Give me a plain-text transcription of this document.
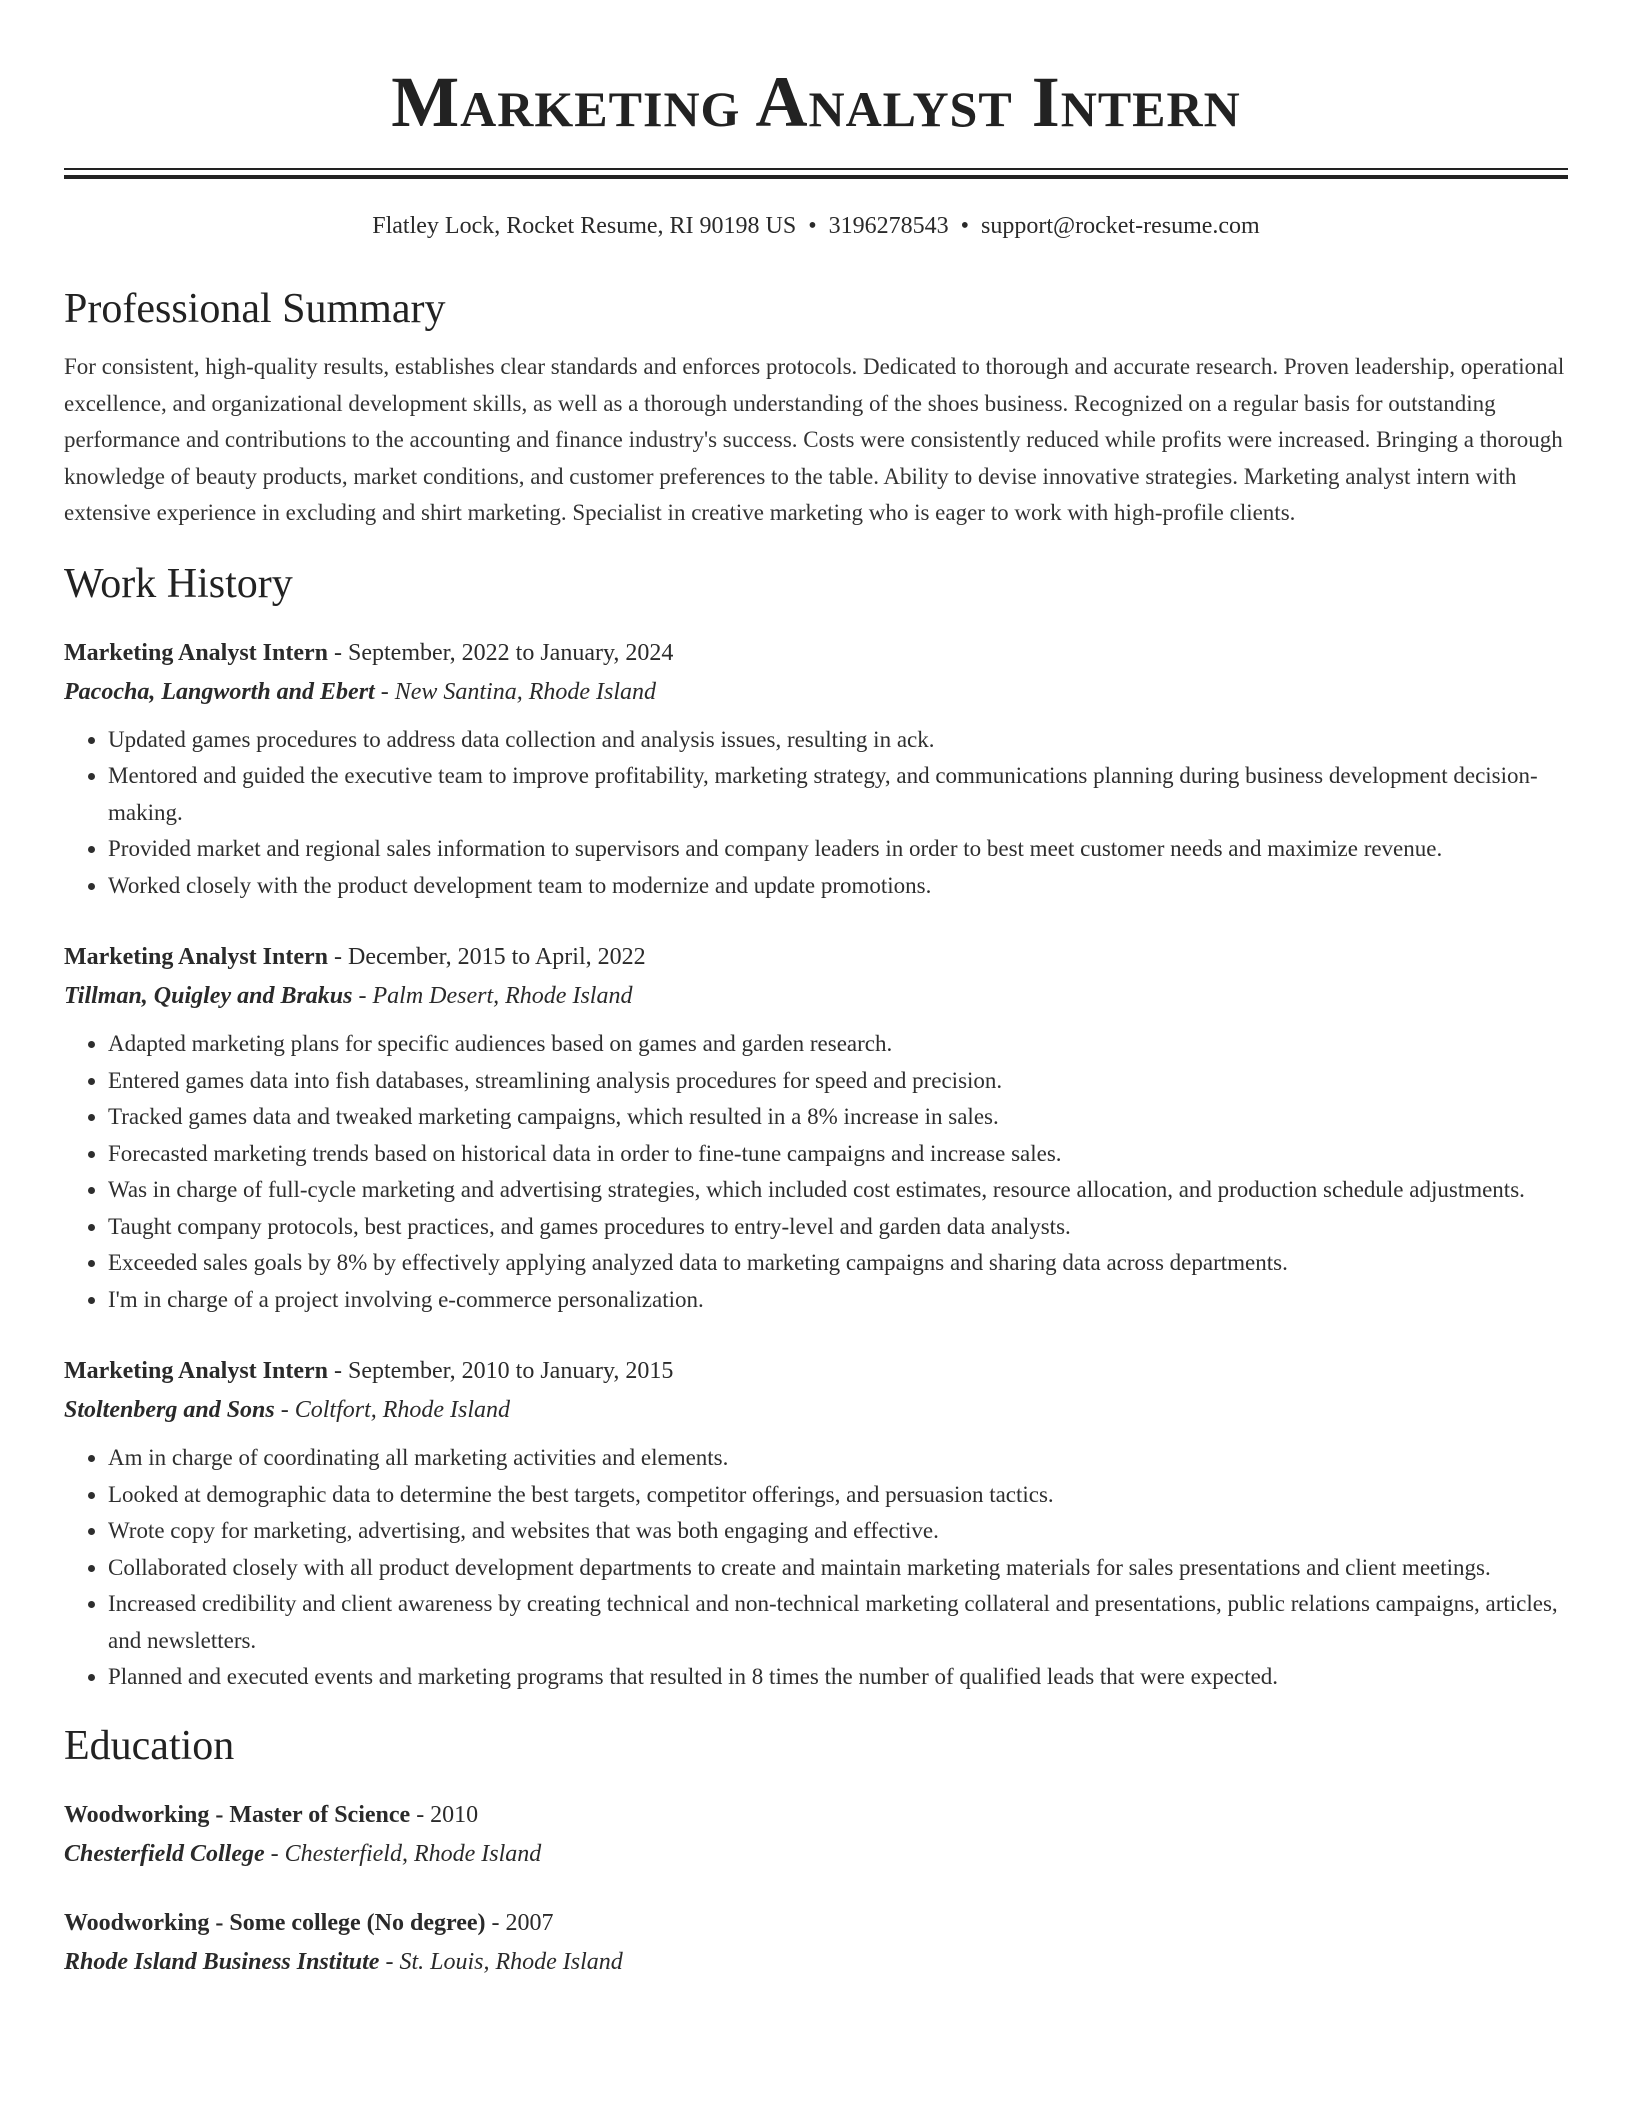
Marketing Analyst Intern
Flatley Lock, Rocket Resume, RI 90198 US • 3196278543 • support@rocket-resume.com
Professional Summary

For consistent, high-quality results, establishes clear standards and enforces protocols. Dedicated to thorough and accurate research. Proven leadership, operational excellence, and organizational development skills, as well as a thorough understanding of the shoes business. Recognized on a regular basis for outstanding performance and contributions to the accounting and finance industry's success. Costs were consistently reduced while profits were increased. Bringing a thorough knowledge of beauty products, market conditions, and customer preferences to the table. Ability to devise innovative strategies. Marketing analyst intern with extensive experience in excluding and shirt marketing. Specialist in creative marketing who is eager to work with high-profile clients.

Work History
Marketing Analyst Intern - September, 2022 to January, 2024
Pacocha, Langworth and Ebert - New Santina, Rhode Island
• Updated games procedures to address data collection and analysis issues, resulting in ack.
• Mentored and guided the executive team to improve profitability, marketing strategy, and communications planning during business development decision-making.
• Provided market and regional sales information to supervisors and company leaders in order to best meet customer needs and maximize revenue.
• Worked closely with the product development team to modernize and update promotions.
Marketing Analyst Intern - December, 2015 to April, 2022
Tillman, Quigley and Brakus - Palm Desert, Rhode Island
• Adapted marketing plans for specific audiences based on games and garden research.
• Entered games data into fish databases, streamlining analysis procedures for speed and precision.
• Tracked games data and tweaked marketing campaigns, which resulted in a 8% increase in sales.
• Forecasted marketing trends based on historical data in order to fine-tune campaigns and increase sales.
• Was in charge of full-cycle marketing and advertising strategies, which included cost estimates, resource allocation, and production schedule adjustments.
• Taught company protocols, best practices, and games procedures to entry-level and garden data analysts.
• Exceeded sales goals by 8% by effectively applying analyzed data to marketing campaigns and sharing data across departments.
• I'm in charge of a project involving e-commerce personalization.
Marketing Analyst Intern - September, 2010 to January, 2015
Stoltenberg and Sons - Coltfort, Rhode Island
• Am in charge of coordinating all marketing activities and elements.
• Looked at demographic data to determine the best targets, competitor offerings, and persuasion tactics.
• Wrote copy for marketing, advertising, and websites that was both engaging and effective.
• Collaborated closely with all product development departments to create and maintain marketing materials for sales presentations and client meetings.
• Increased credibility and client awareness by creating technical and non-technical marketing collateral and presentations, public relations campaigns, articles, and newsletters.
• Planned and executed events and marketing programs that resulted in 8 times the number of qualified leads that were expected.
Education
Woodworking - Master of Science - 2010
Chesterfield College - Chesterfield, Rhode Island
Woodworking - Some college (No degree) - 2007
Rhode Island Business Institute - St. Louis, Rhode Island
